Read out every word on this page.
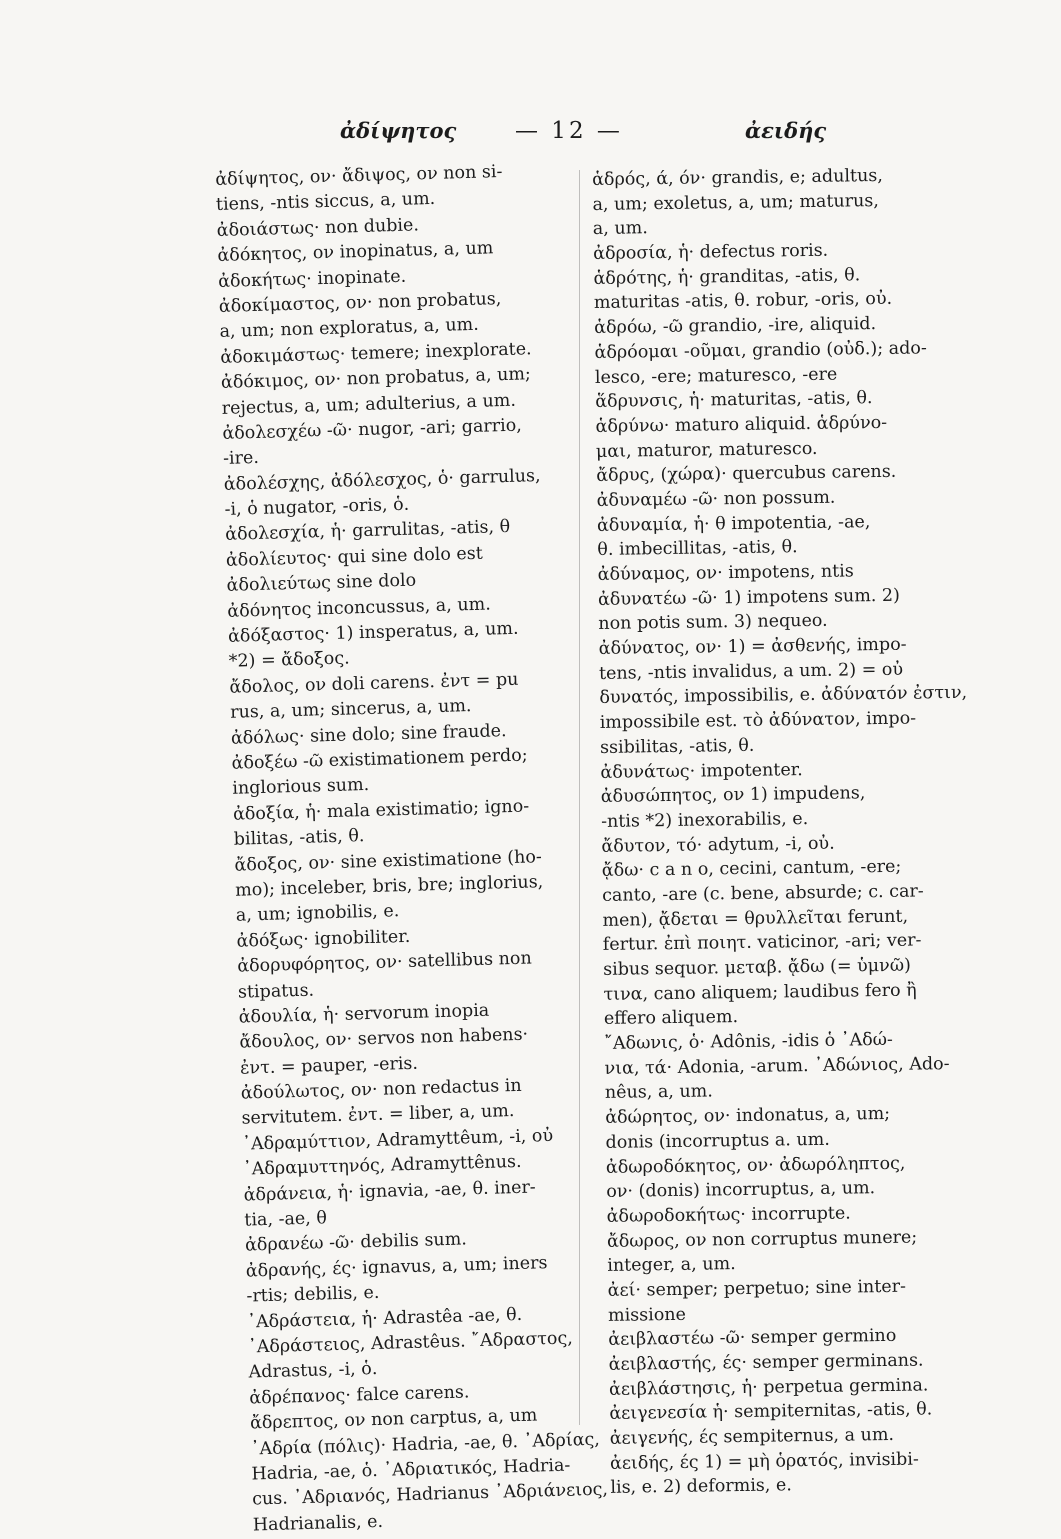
ἀδίψητος	— 12 —	ἀειδής
ἀδίψητος, ον· ἄδιψος, ον non si-
tiens, -ntis siccus, a, um.
ἀδοιάστως· non dubie.
ἀδόκητος, ον inopinatus, a, um
ἀδοκήτως· inopinate.
ἀδοκίμαστος, ον· non probatus,
a, um; non exploratus, a, um.
ἀδοκιμάστως· temere; inexplorate.
ἀδόκιμος, ον· non probatus, a, um;
rejectus, a, um; adulterius, a um.
ἀδολεσχέω -ῶ· nugor, -ari; garrio,
-ire.
ἀδολέσχης, ἀδόλεσχος, ὁ· garrulus,
-i, ὁ nugator, -oris, ὁ.
ἀδολεσχία, ἡ· garrulitas, -atis, θ
ἀδολίευτος· qui sine dolo est
ἀδολιεύτως sine dolo
ἀδόνητος inconcussus, a, um.
ἀδόξαστος· 1) insperatus, a, um.
*2) = ἄδοξος.
ἄδολος, ον doli carens. ἐντ = pu
rus, a, um; sincerus, a, um.
ἀδόλως· sine dolo; sine fraude.
ἀδοξέω -ῶ existimationem perdo;
inglorious sum.
ἀδοξία, ἡ· mala existimatio; igno-
bilitas, -atis, θ.
ἄδοξος, ον· sine existimatione (ho-
mo); inceleber, bris, bre; inglorius,
a, um; ignobilis, e.
ἀδόξως· ignobiliter.
ἀδορυφόρητος, ον· satellibus non
stipatus.
ἀδουλία, ἡ· servorum inopia
ἄδουλος, ον· servos non habens·
ἐντ. = pauper, -eris.
ἀδούλωτος, ον· non redactus in
servitutem. ἐντ. = liber, a, um.
᾿Αδραμύττιον, Adramyttêum, -i, οὐ
᾿Αδραμυττηνός, Adramyttênus.
ἀδράνεια, ἡ· ignavia, -ae, θ. iner-
tia, -ae, θ
ἀδρανέω -ῶ· debilis sum.
ἀδρανής, ές· ignavus, a, um; iners
-rtis; debilis, e.
᾿Αδράστεια, ἡ· Adrastêa -ae, θ.
᾿Αδράστειος, Adrastêus. ῎Αδραστος,
Adrastus, -i, ὁ.
ἀδρέπανος· falce carens.
ἄδρεπτος, ον non carptus, a, um
᾿Αδρία (πόλις)· Hadria, -ae, θ. ᾿Αδρίας,
Hadria, -ae, ὁ. ᾿Αδριατικός, Hadria-
cus. ᾿Αδριανός, Hadrianus ᾿Αδριάνειος,
Hadrianalis, e.
ἁδρός, ά, όν· grandis, e; adultus,
a, um; exoletus, a, um; maturus,
a, um.
ἀδροσία, ἡ· defectus roris.
ἁδρότης, ἡ· granditas, -atis, θ.
maturitas -atis, θ. robur, -oris, οὐ.
ἁδρόω, -ῶ grandio, -ire, aliquid.
ἁδρόομαι -οῦμαι, grandio (οὐδ.); ado-
lesco, -ere; maturesco, -ere
ἅδρυνσις, ἡ· maturitas, -atis, θ.
ἁδρύνω· maturo aliquid. ἁδρύνο-
μαι, maturor, maturesco.
ἄδρυς, (χώρα)· quercubus carens.
ἀδυναμέω -ῶ· non possum.
ἀδυναμία, ἡ· θ impotentia, -ae,
θ. imbecillitas, -atis, θ.
ἀδύναμος, ον· impotens, ntis
ἀδυνατέω -ῶ· 1) impotens sum. 2)
non potis sum. 3) nequeo.
ἀδύνατος, ον· 1) = ἀσθενής, impo-
tens, -ntis invalidus, a um. 2) = οὐ
δυνατός, impossibilis, e. ἀδύνατόν ἐστιν,
impossibile est. τὸ ἀδύνατον, impo-
ssibilitas, -atis, θ.
ἀδυνάτως· impotenter.
ἀδυσώπητος, ον 1) impudens,
-ntis *2) inexorabilis, e.
ἄδυτον, τό· adytum, -i, οὐ.
ᾄδω· c a n o, cecini, cantum, -ere;
canto, -are (c. bene, absurde; c. car-
men), ᾄδεται = θρυλλεῖται ferunt,
fertur. ἐπὶ ποιητ. vaticinor, -ari; ver-
sibus sequor. μεταβ. ᾄδω (= ὑμνῶ)
τινα, cano aliquem; laudibus fero ἢ
effero aliquem.
῎Αδωνις, ὁ· Adônis, -idis ὁ ᾿Αδώ-
νια, τά· Adonia, -arum. ᾿Αδώνιος, Ado-
nêus, a, um.
ἀδώρητος, ον· indonatus, a, um;
donis (incorruptus a. um.
ἀδωροδόκητος, ον· ἀδωρόληπτος,
ον· (donis) incorruptus, a, um.
ἀδωροδοκήτως· incorrupte.
ἄδωρος, ον non corruptus munere;
integer, a, um.
ἀεί· semper; perpetuo; sine inter-
missione
ἀειβλαστέω -ῶ· semper germino
ἀειβλαστής, ές· semper germinans.
ἀειβλάστησις, ἡ· perpetua germina.
ἀειγενεσία ἡ· sempiternitas, -atis, θ.
ἀειγενής, ές sempiternus, a um.
ἀειδής, ές 1) = μὴ ὁρατός, invisibi-
lis, e. 2) deformis, e.
